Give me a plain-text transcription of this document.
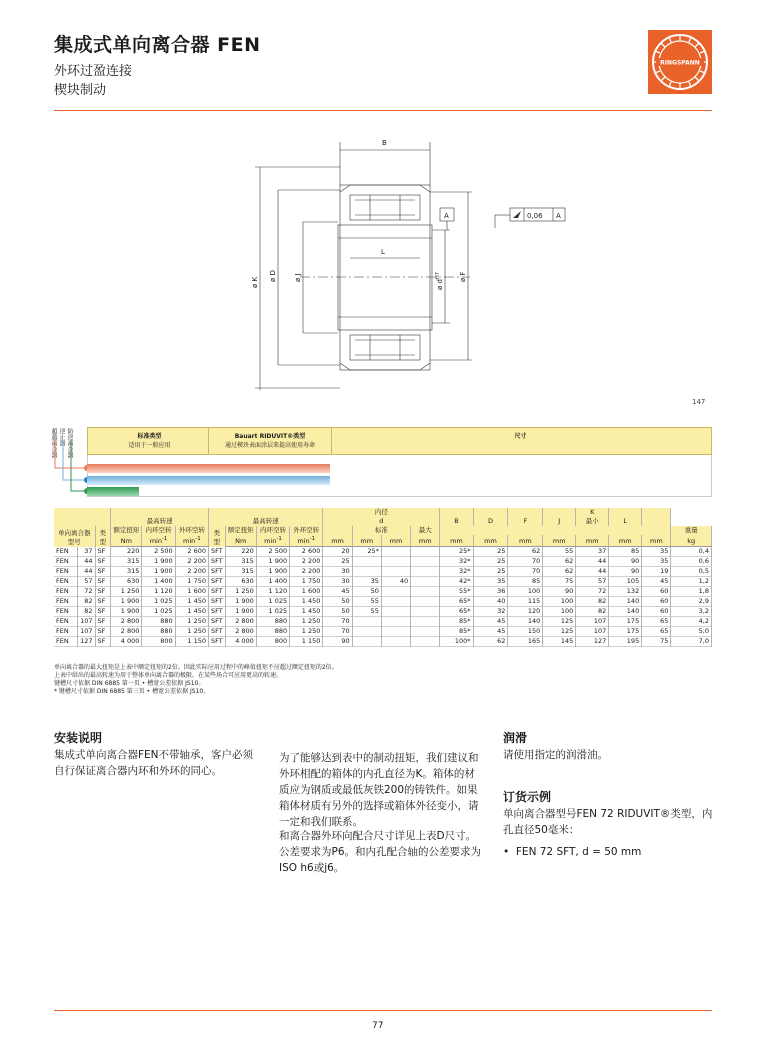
集成式单向离合器 FEN
外环过盈连接
楔块制动
RINGSPANN
B
A	0,06 A
L
ø K
ø D ø J
ø $d^{H7}$	ø F
147
超越离合器 逆止器 防逆离合器	标准类型
适用于一般应用
Bauart RIDUVIT®类型
通过楔块表面涂层来提高使用寿命
尺寸
			最高转速			最高转速				内径
d				B	D	F	J	K
最小	L		
单向离合器型号		类型	额定扭矩	内环空转	外环空转	类型	额定扭矩	内环空转	外环空转		标准		最大								重量
			Nm	$\min^{-1}$	$\min^{-1}$		Nm	$\min^{-1}$	$\min^{-1}$	mm	mm	mm	mm	mm	mm	mm	mm	mm	mm	mm	kg
FEN	37	SF	220	2 500	2 600	SFT	220	2 500	2 600	20	25*			25*	25	62	55	37	85	35	0,4
FEN	44	SF	315	1 900	2 200	SFT	315	1 900	2 200	25				32*	25	70	62	44	90	35	0,6
FEN	44	SF	315	1 900	2 200	SFT	315	1 900	2 200	30				32*	25	70	62	44	90	19	0,5
FEN	57	SF	630	1 400	1 750	SFT	630	1 400	1 750	30	35	40		42*	35	85	75	57	105	45	1,2
FEN	72	SF	1 250	1 120	1 600	SFT	1 250	1 120	1 600	45	50			55*	36	100	90	72	132	60	1,8
FEN	82	SF	1 900	1 025	1 450	SFT	1 900	1 025	1 450	50	55			65*	40	115	100	82	140	60	2,9
FEN	82	SF	1 900	1 025	1 450	SFT	1 900	1 025	1 450	50	55			65*	32	120	100	82	140	60	3,2
FEN	107	SF	2 800	880	1 250	SFT	2 800	880	1 250	70				85*	45	140	125	107	175	65	4,2
FEN	107	SF	2 800	880	1 250	SFT	2 800	880	1 250	70				85*	45	150	125	107	175	65	5,0
FEN	127	SF	4 000	800	1 150	SFT	4 000	800	1 150	90				100*	62	165	145	127	195	75	7,0
单向离合器的最大扭矩是上表中额定扭矩的2倍。因此实际应用过程中的峰值扭矩不应超过额定扭矩的2倍。
上表中给出的最高转速为用于整体单向离合器的极限。在某些场合可应用更高的转速。
键槽尺寸依据 DIN 6885 第一页 • 槽宽公差依据 JS10。
* 键槽尺寸依据 DIN 6885 第三页 • 槽宽公差依据 JS10。
安装说明
集成式单向离合器FEN不带轴承，客户必须自行保证离合器内环和外环的同心。
为了能够达到表中的制动扭矩，我们建议和外环相配的箱体的内孔直径为K。箱体的材质应为钢质或最低灰铁200的铸铁件。如果箱体材质有另外的选择或箱体外径变小，请一定和我们联系。
和离合器外环向配合尺寸详见上表D尺寸。公差要求为P6。和内孔配合轴的公差要求为ISO h6或j6。
润滑
请使用指定的润滑油。
订货示例
单向离合器型号FEN 72 RIDUVIT®类型，内孔直径50毫米：
• FEN 72 SFT, d = 50 mm
77
